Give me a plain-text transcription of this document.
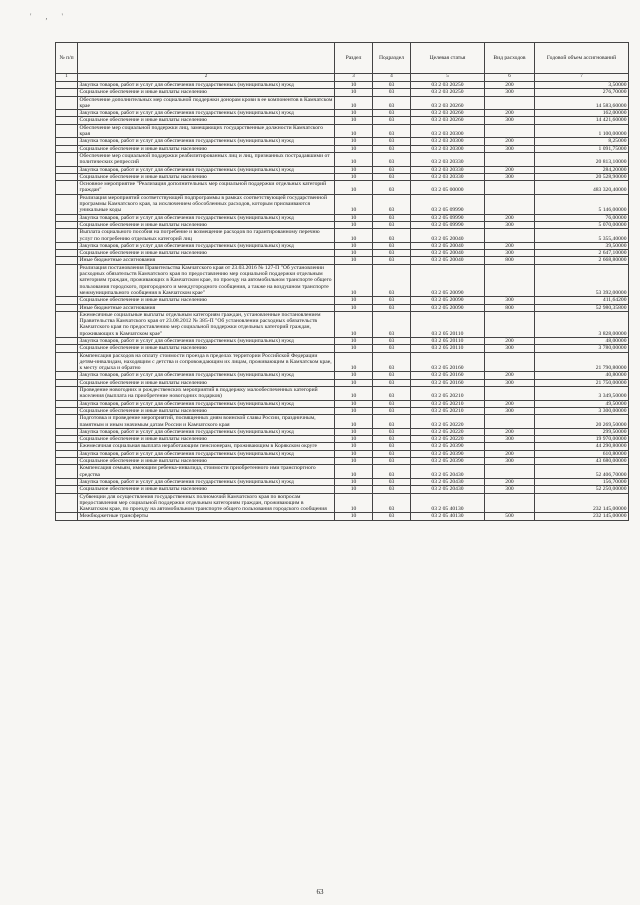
' , '
№ п/п		Раздел	Подраздел	Целевая статья	Вид расходов	Годовой объем ассигнований
1	2	3	4	5	6	7
	Закупка товаров, работ и услуг для обеспечения государственных (муниципальных) нужд	10	03	03 2 03 20250	200	3,50000
	Социальное обеспечение и иные выплаты населению	10	03	03 2 03 20250	300	276,70000
	Обеспечение дополнительных мер социальной поддержки донорам крови в ее компонентов в Камчатском крае	10	03	03 2 03 20260		14 583,60000
	Закупка товаров, работ и услуг для обеспечения государственных (муниципальных) нужд	10	03	03 2 03 20260	200	162,00000
	Социальное обеспечение и иные выплаты населению	10	03	03 2 03 20260	300	14 421,60000
	Обеспечение мер социальной поддержки лиц, замещающих государственные должности Камчатского края	10	03	03 2 03 20300		1 100,00000
	Закупка товаров, работ и услуг для обеспечения государственных (муниципальных) нужд	10	03	03 2 03 20300	200	8,25000
	Социальное обеспечение и иные выплаты населению	10	03	03 2 03 20300	300	1 091,75000
	Обеспечение мер социальной поддержки реабилитированных лиц и лиц, признанных пострадавшими от политических репрессий	10	03	03 2 03 20330		20 813,10000
	Закупка товаров, работ и услуг для обеспечения государственных (муниципальных) нужд	10	03	03 2 03 20330	200	284,20000
	Социальное обеспечение и иные выплаты населению	10	03	03 2 03 20330	300	20 528,90000
	Основное мероприятие "Реализация дополнительных мер социальной поддержки отдельных категорий граждан"	10	03	03 2 05 00000		483 320,40000
	Реализация мероприятий соответствующей подпрограммы в рамках соответствующей государственной программы Камчатского края, за исключением обособленных расходов, которым присваиваются уникальные коды	10	03	03 2 05 09990		5 146,00000
	Закупка товаров, работ и услуг для обеспечения государственных (муниципальных) нужд	10	03	03 2 05 09990	200	76,00000
	Социальное обеспечение и иные выплаты населению	10	03	03 2 05 09990	300	5 070,00000
	Выплата социального пособия на погребение и возмещение расходов по гарантированному перечню услуг по погребению отдельных категорий лиц	10	03	03 2 05 20040		5 355,40000
	Закупка товаров, работ и услуг для обеспечения государственных (муниципальных) нужд	10	03	03 2 05 20040	200	39,50000
	Социальное обеспечение и иные выплаты населению	10	03	03 2 05 20040	300	2 647,10000
	Иные бюджетные ассигнования	10	03	03 2 05 20040	800	2 668,80000
	Реализация постановления Правительства Камчатского края от 23.03.2016 № 127-П "Об установлении расходных обязательств Камчатского края по предоставлению мер социальной поддержки отдельным категориям граждан, проживающих в Камчатском крае, по проезду на автомобильном транспорте общего пользования городского, пригородного и междугородного сообщения, а также на воздушном транспорте межмуниципального сообщения в Камчатском крае"	10	03	03 2 05 20090		53 392,00000
	Социальное обеспечение и иные выплаты населению	10	03	03 2 05 20090	300	411,64200
	Иные бюджетные ассигнования	10	03	03 2 05 20090	800	52 980,35800
	Ежемесячные социальные выплаты отдельным категориям граждан, установленные постановлением Правительства Камчатского края от 23.08.2012 № 385-П "Об установлении расходных обязательств Камчатского края по предоставлению мер социальной поддержки отдельных категорий граждан, проживающих в Камчатском крае"	10	03	03 2 05 20110		3 828,00000
	Закупка товаров, работ и услуг для обеспечения государственных (муниципальных) нужд	10	03	03 2 05 20110	200	48,00000
	Социальное обеспечение и иные выплаты населению	10	03	03 2 05 20110	300	3 780,00000
	Компенсация расходов на оплату стоимости проезда в пределах территории Российской Федерации детям-инвалидам, находящим с детства и сопровождающим их лицам, проживающим в Камчатском крае, к месту отдыха и обратно	10	03	03 2 05 20160		21 790,80000
	Закупка товаров, работ и услуг для обеспечения государственных (муниципальных) нужд	10	03	03 2 05 20160	200	40,80000
	Социальное обеспечение и иные выплаты населению	10	03	03 2 05 20160	300	21 750,00000
	Проведение новогодних и рождественских мероприятий в поддержку малообеспеченных категорий населения (выплата на приобретение новогодних подарков)	10	03	03 2 05 20210		3 349,50000
	Закупка товаров, работ и услуг для обеспечения государственных (муниципальных) нужд	10	03	03 2 05 20210	200	49,50000
	Социальное обеспечение и иные выплаты населению	10	03	03 2 05 20210	300	3 300,00000
	Подготовка и проведение мероприятий, посвященных дням воинской славы России, праздничным, памятным и иным значимым датам России и Камчатского края	10	03	03 2 05 20220		20 269,50000
	Закупка товаров, работ и услуг для обеспечения государственных (муниципальных) нужд	10	03	03 2 05 20220	200	299,50000
	Социальное обеспечение и иные выплаты населению	10	03	03 2 05 20220	300	19 970,00000
	Ежемесячная социальная выплата неработающим пенсионерам, проживающим в Корякском округе	10	03	03 2 05 20390		44 290,80000
	Закупка товаров, работ и услуг для обеспечения государственных (муниципальных) нужд	10	03	03 2 05 20390	200	610,80000
	Социальное обеспечение и иные выплаты населению	10	03	03 2 05 20390	300	43 680,00000
	Компенсация семьям, имеющим ребенка-инвалида, стоимости приобретенного ими транспортного средства	10	03	03 2 05 20430		52 406,70000
	Закупка товаров, работ и услуг для обеспечения государственных (муниципальных) нужд	10	03	03 2 05 20430	200	156,70000
	Социальное обеспечение и иные выплаты населению	10	03	03 2 05 20430	300	52 250,00000
	Субвенции для осуществления государственных полномочий Камчатского края по вопросам предоставления мер социальной поддержки отдельным категориям граждан, проживающим в Камчатском крае, по проезду на автомобильном транспорте общего пользования городского сообщения	10	03	03 2 05 40130		232 145,00000
	Межбюджетные трансферты	10	03	03 2 05 40130	500	232 145,00000
63
